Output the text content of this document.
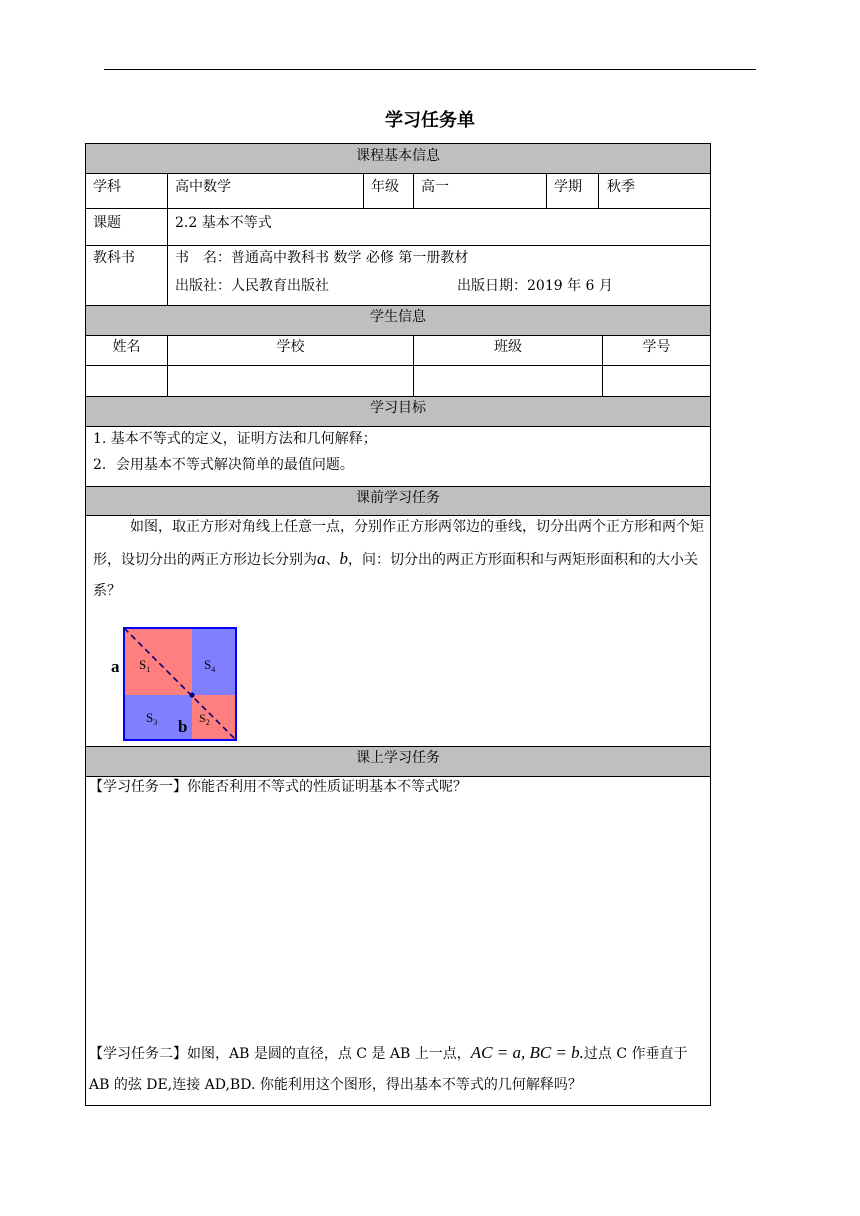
学习任务单
课程基本信息
学科	高中数学	年级 高一	学期 秋季
课题	2.2 基本不等式
教科书	书　名：普通高中教科书 数学 必修 第一册教材
出版社：人民教育出版社	出版日期：2019 年 6 月
学生信息
姓名	学校	班级	学号
学习目标
1. 基本不等式的定义，证明方法和几何解释；
2．会用基本不等式解决简单的最值问题。
课前学习任务
如图，取正方形对角线上任意一点，分别作正方形两邻边的垂线，切分出两个正方形和两个矩形，设切分出的两正方形边长分别为a、b，问：切分出的两正方形面积和与两矩形面积和的大小关系？
a
b
$S_1$	$S_4$
$S_3$	$S_2$
课上学习任务
【学习任务一】你能否利用不等式的性质证明基本不等式呢？
【学习任务二】如图，AB 是圆的直径，点 C 是 AB 上一点，AC = a, BC = b.过点 C 作垂直于 AB 的弦 DE,连接 AD,BD. 你能利用这个图形，得出基本不等式的几何解释吗？
